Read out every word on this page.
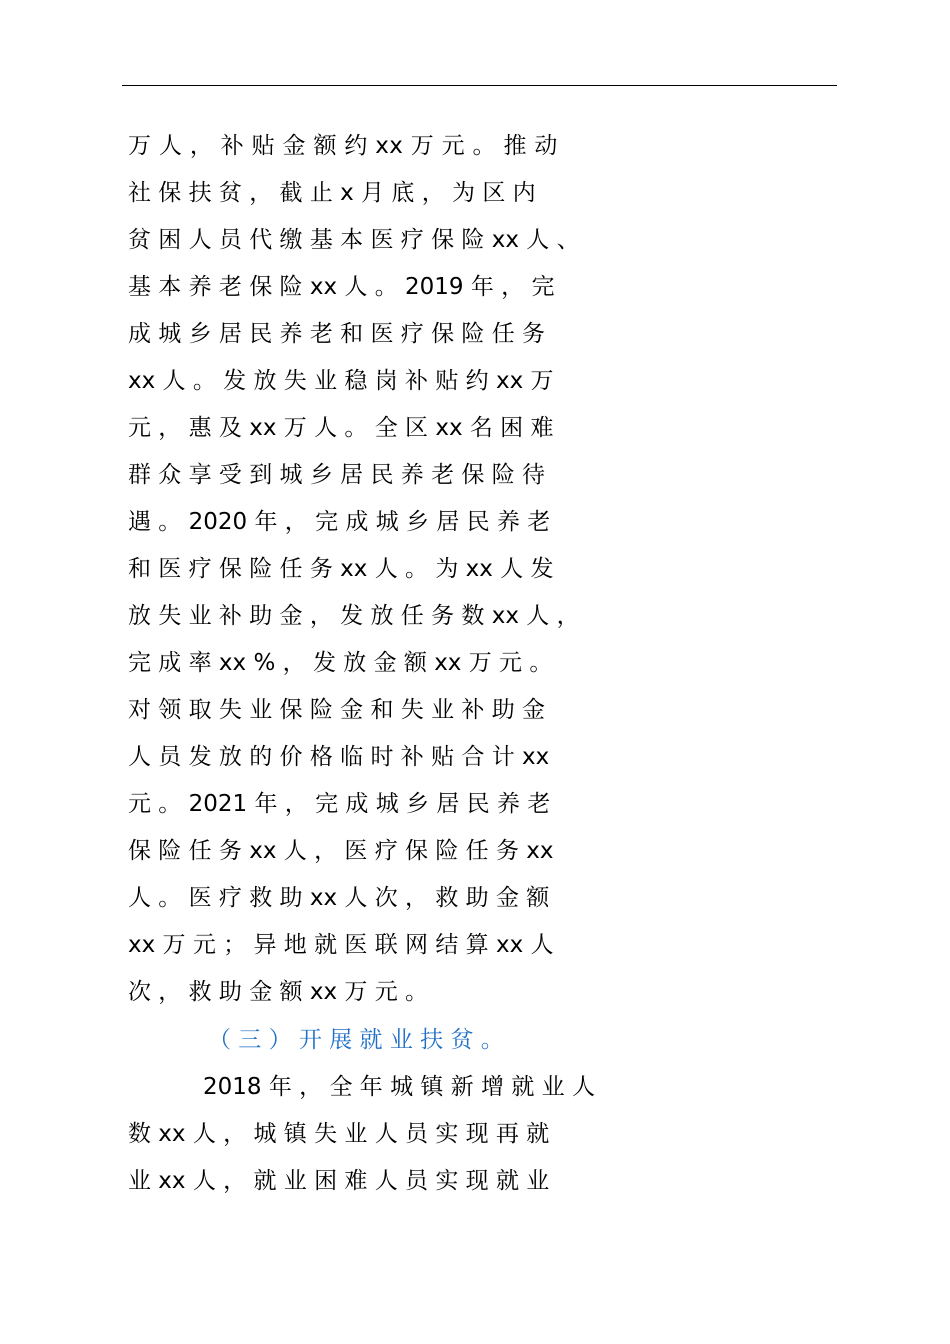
万 人 ， 补 贴 金 额 约 xx 万 元 。 推 动
社 保 扶 贫 ， 截 止 x 月 底 ， 为 区 内
贫 困 人 员 代 缴 基 本 医 疗 保 险 xx 人 、
基 本 养 老 保 险 xx 人 。 2019 年 ， 完
成 城 乡 居 民 养 老 和 医 疗 保 险 任 务
xx 人 。 发 放 失 业 稳 岗 补 贴 约 xx 万
元 ， 惠 及 xx 万 人 。 全 区 xx 名 困 难
群 众 享 受 到 城 乡 居 民 养 老 保 险 待
遇 。 2020 年 ， 完 成 城 乡 居 民 养 老
和 医 疗 保 险 任 务 xx 人 。 为 xx 人 发
放 失 业 补 助 金 ， 发 放 任 务 数 xx 人 ，
完 成 率 xx % ， 发 放 金 额 xx 万 元 。
对 领 取 失 业 保 险 金 和 失 业 补 助 金
人 员 发 放 的 价 格 临 时 补 贴 合 计 xx
元 。 2021 年 ， 完 成 城 乡 居 民 养 老
保 险 任 务 xx 人 ， 医 疗 保 险 任 务 xx
人 。 医 疗 救 助 xx 人 次 ， 救 助 金 额
xx 万 元 ； 异 地 就 医 联 网 结 算 xx 人
次 ， 救 助 金 额 xx 万 元 。
（ 三 ） 开 展 就 业 扶 贫 。
2018 年 ， 全 年 城 镇 新 增 就 业 人
数 xx 人 ， 城 镇 失 业 人 员 实 现 再 就
业 xx 人 ， 就 业 困 难 人 员 实 现 就 业
